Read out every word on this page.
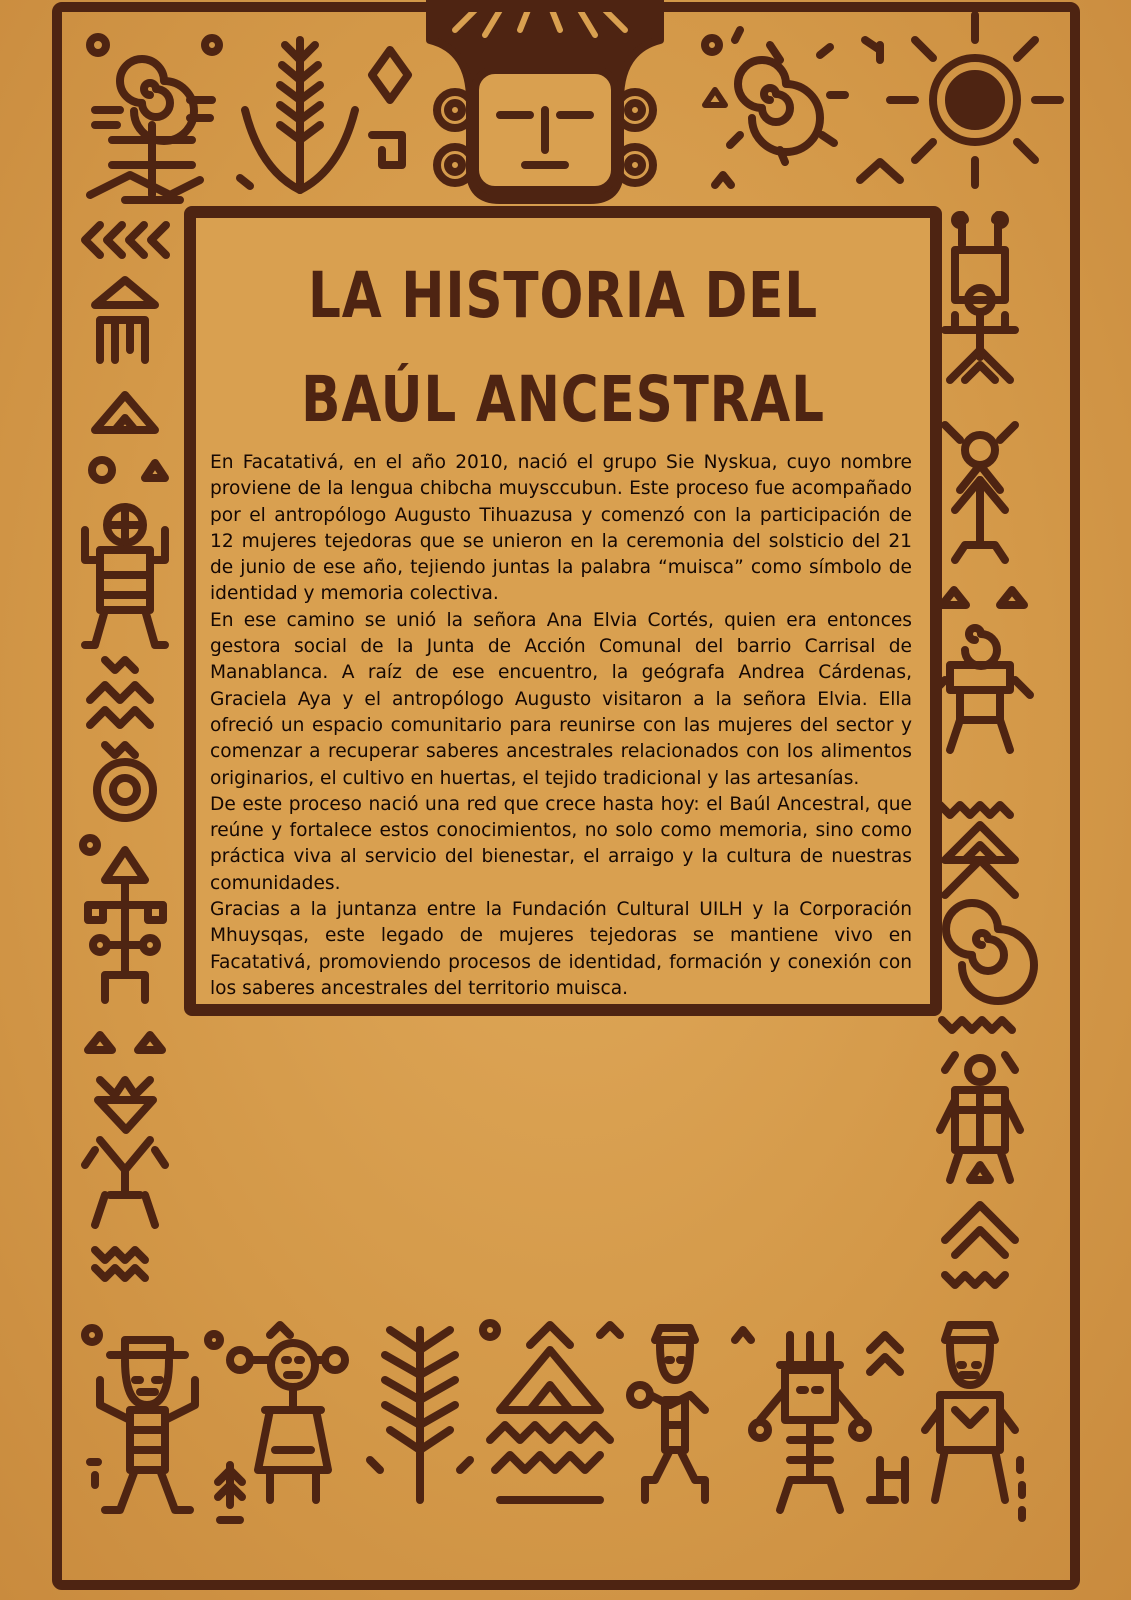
LA HISTORIA DEL
BAÚL ANCESTRAL

En Facatativá, en el año 2010, nació el grupo Sie Nyskua, cuyo nombre proviene de la lengua chibcha muysccubun. Este proceso fue acompañado por el antropólogo Augusto Tihuazusa y comenzó con la participación de 12 mujeres tejedoras que se unieron en la ceremonia del solsticio del 21 de junio de ese año, tejiendo juntas la palabra “muisca” como símbolo de identidad y memoria colectiva.

En ese camino se unió la señora Ana Elvia Cortés, quien era entonces gestora social de la Junta de Acción Comunal del barrio Carrisal de Manablanca. A raíz de ese encuentro, la geógrafa Andrea Cárdenas, Graciela Aya y el antropólogo Augusto visitaron a la señora Elvia. Ella ofreció un espacio comunitario para reunirse con las mujeres del sector y comenzar a recuperar saberes ancestrales relacionados con los alimentos originarios, el cultivo en huertas, el tejido tradicional y las artesanías.

De este proceso nació una red que crece hasta hoy: el Baúl Ancestral, que reúne y fortalece estos conocimientos, no solo como memoria, sino como práctica viva al servicio del bienestar, el arraigo y la cultura de nuestras comunidades.

Gracias a la juntanza entre la Fundación Cultural UILH y la Corporación Mhuysqas, este legado de mujeres tejedoras se mantiene vivo en Facatativá, promoviendo procesos de identidad, formación y conexión con los saberes ancestrales del territorio muisca.
